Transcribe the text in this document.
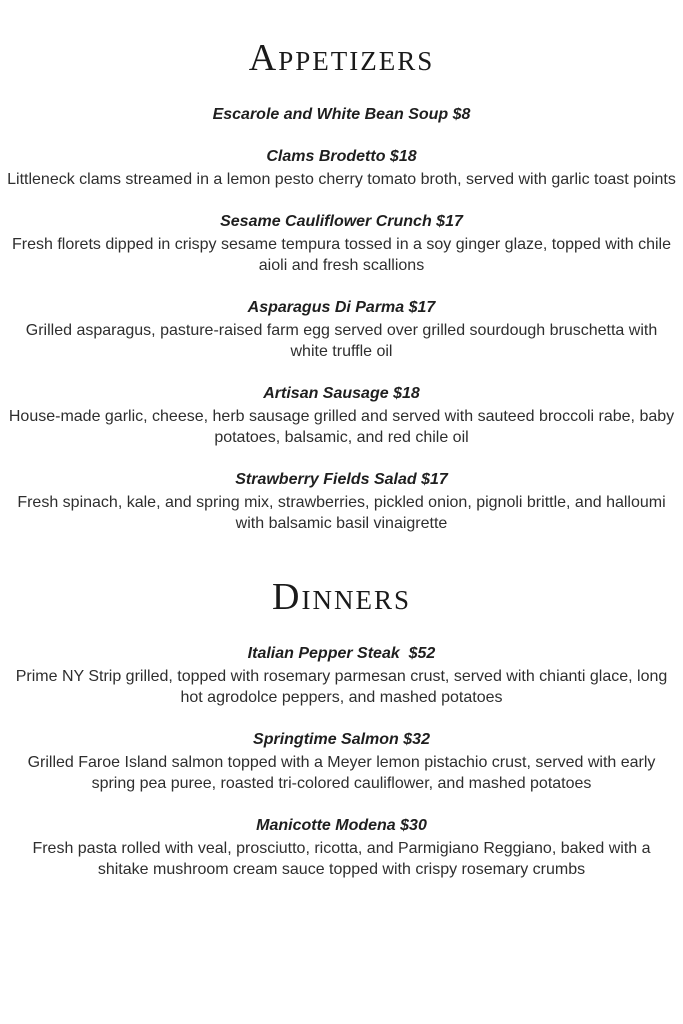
Appetizers
Escarole and White Bean Soup $8
Clams Brodetto $18

Littleneck clams streamed in a lemon pesto cherry tomato broth, served with garlic toast points

Sesame Cauliflower Crunch $17

Fresh florets dipped in crispy sesame tempura tossed in a soy ginger glaze, topped with chile aioli and fresh scallions

Asparagus Di Parma $17

Grilled asparagus, pasture-raised farm egg served over grilled sourdough bruschetta with white truffle oil

Artisan Sausage $18

House-made garlic, cheese, herb sausage grilled and served with sauteed broccoli rabe, baby potatoes, balsamic, and red chile oil

Strawberry Fields Salad $17

Fresh spinach, kale, and spring mix, strawberries, pickled onion, pignoli brittle, and halloumi with balsamic basil vinaigrette

Dinners
Italian Pepper Steak  $52

Prime NY Strip grilled, topped with rosemary parmesan crust, served with chianti glace, long hot agrodolce peppers, and mashed potatoes

Springtime Salmon $32

Grilled Faroe Island salmon topped with a Meyer lemon pistachio crust, served with early spring pea puree, roasted tri-colored cauliflower, and mashed potatoes

Manicotte Modena $30

Fresh pasta rolled with veal, prosciutto, ricotta, and Parmigiano Reggiano, baked with a shitake mushroom cream sauce topped with crispy rosemary crumbs
